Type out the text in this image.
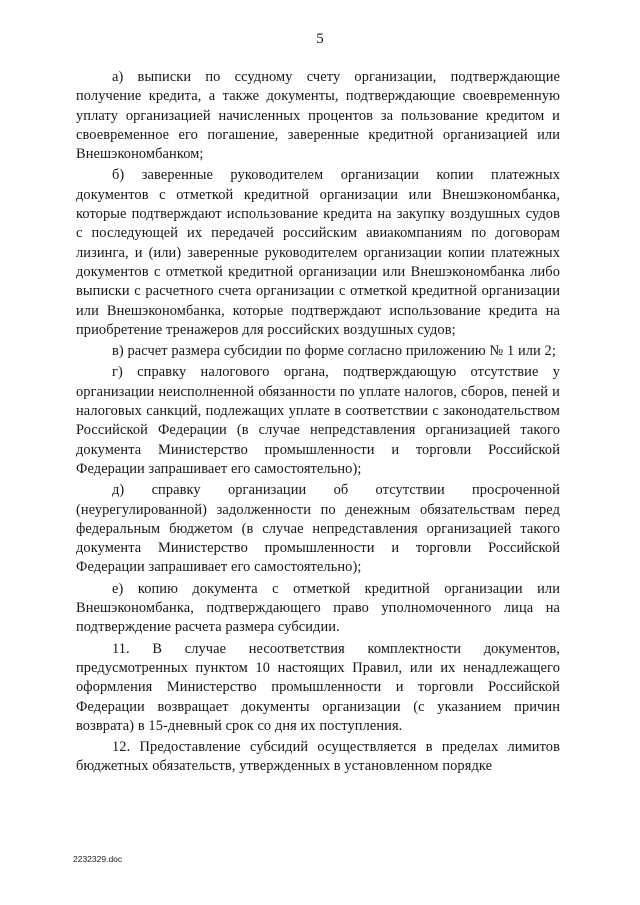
5

а) выписки по ссудному счету организации, подтверждающие получение кредита, а также документы, подтверждающие своевременную уплату организацией начисленных процентов за пользование кредитом и своевременное его погашение, заверенные кредитной организацией или Внешэкономбанком;

б) заверенные руководителем организации копии платежных документов с отметкой кредитной организации или Внешэкономбанка, которые подтверждают использование кредита на закупку воздушных судов с последующей их передачей российским авиакомпаниям по договорам лизинга, и (или) заверенные руководителем организации копии платежных документов с отметкой кредитной организации или Внешэкономбанка либо выписки с расчетного счета организации с отметкой кредитной организации или Внешэкономбанка, которые подтверждают использование кредита на приобретение тренажеров для российских воздушных судов;

в) расчет размера субсидии по форме согласно приложению № 1 или 2;

г) справку налогового органа, подтверждающую отсутствие у организации неисполненной обязанности по уплате налогов, сборов, пеней и налоговых санкций, подлежащих уплате в соответствии с законодательством Российской Федерации (в случае непредставления организацией такого документа Министерство промышленности и торговли Российской Федерации запрашивает его самостоятельно);

д) справку организации об отсутствии просроченной (неурегулированной) задолженности по денежным обязательствам перед федеральным бюджетом (в случае непредставления организацией такого документа Министерство промышленности и торговли Российской Федерации запрашивает его самостоятельно);

е) копию документа с отметкой кредитной организации или Внешэкономбанка, подтверждающего право уполномоченного лица на подтверждение расчета размера субсидии.

11. В случае несоответствия комплектности документов, предусмотренных пунктом 10 настоящих Правил, или их ненадлежащего оформления Министерство промышленности и торговли Российской Федерации возвращает документы организации (с указанием причин возврата) в 15-дневный срок со дня их поступления.

12. Предоставление субсидий осуществляется в пределах лимитов бюджетных обязательств, утвержденных в установленном порядке

2232329.doc
